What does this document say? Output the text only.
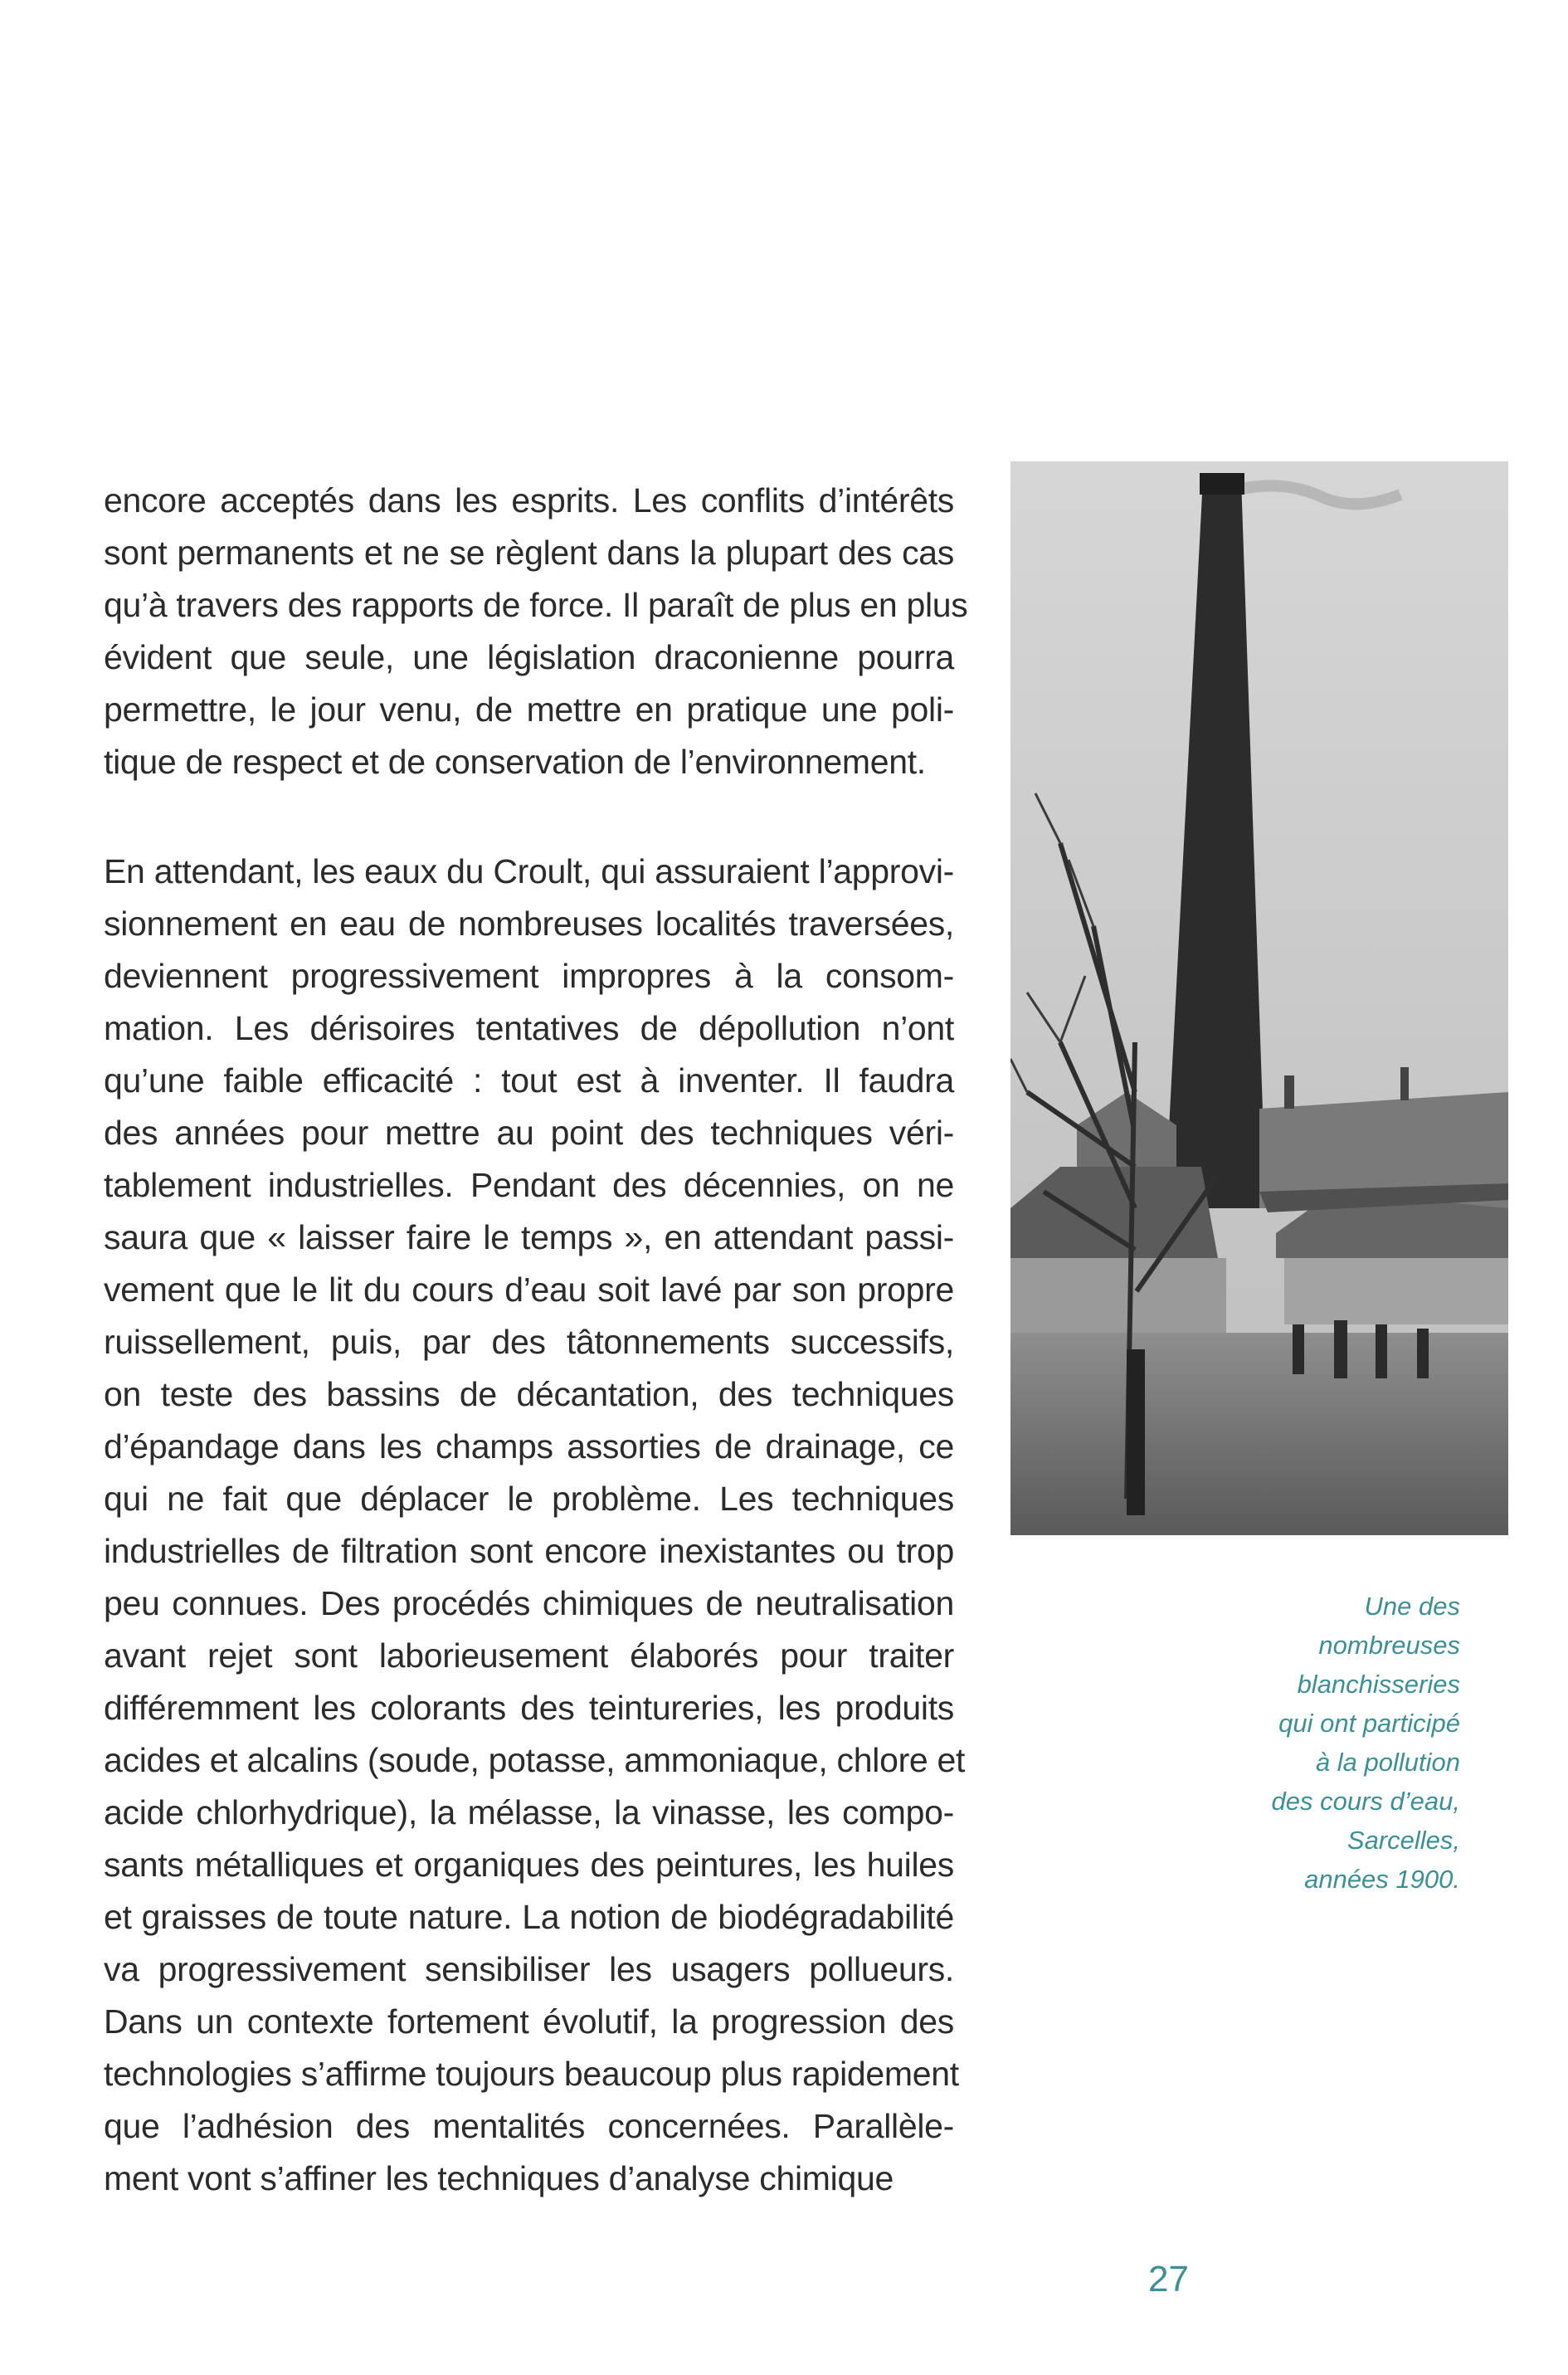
encore acceptés dans les esprits. Les conflits d’intérêts
sont permanents et ne se règlent dans la plupart des cas
qu’à travers des rapports de force. Il paraît de plus en plus
évident que seule, une législation draconienne pourra
permettre, le jour venu, de mettre en pratique une poli-
tique de respect et de conservation de l’environnement.
En attendant, les eaux du Croult, qui assuraient l’approvi-
sionnement en eau de nombreuses localités traversées,
deviennent progressivement impropres à la consom-
mation. Les dérisoires tentatives de dépollution n’ont
qu’une faible efficacité : tout est à inventer. Il faudra
des années pour mettre au point des techniques véri-
tablement industrielles. Pendant des décennies, on ne
saura que « laisser faire le temps », en attendant passi-
vement que le lit du cours d’eau soit lavé par son propre
ruissellement, puis, par des tâtonnements successifs,
on teste des bassins de décantation, des techniques
d’épandage dans les champs assorties de drainage, ce
qui ne fait que déplacer le problème. Les techniques
industrielles de filtration sont encore inexistantes ou trop
peu connues. Des procédés chimiques de neutralisation
avant rejet sont laborieusement élaborés pour traiter
différemment les colorants des teintureries, les produits
acides et alcalins (soude, potasse, ammoniaque, chlore et
acide chlorhydrique), la mélasse, la vinasse, les compo-
sants métalliques et organiques des peintures, les huiles
et graisses de toute nature. La notion de biodégradabilité
va progressivement sensibiliser les usagers pollueurs.
Dans un contexte fortement évolutif, la progression des
technologies s’affirme toujours beaucoup plus rapidement
que l’adhésion des mentalités concernées. Parallèle-
ment vont s’affiner les techniques d’analyse chimique
Une des
nombreuses
blanchisseries
qui ont participé
à la pollution
des cours d’eau,
Sarcelles,
années 1900.
27
